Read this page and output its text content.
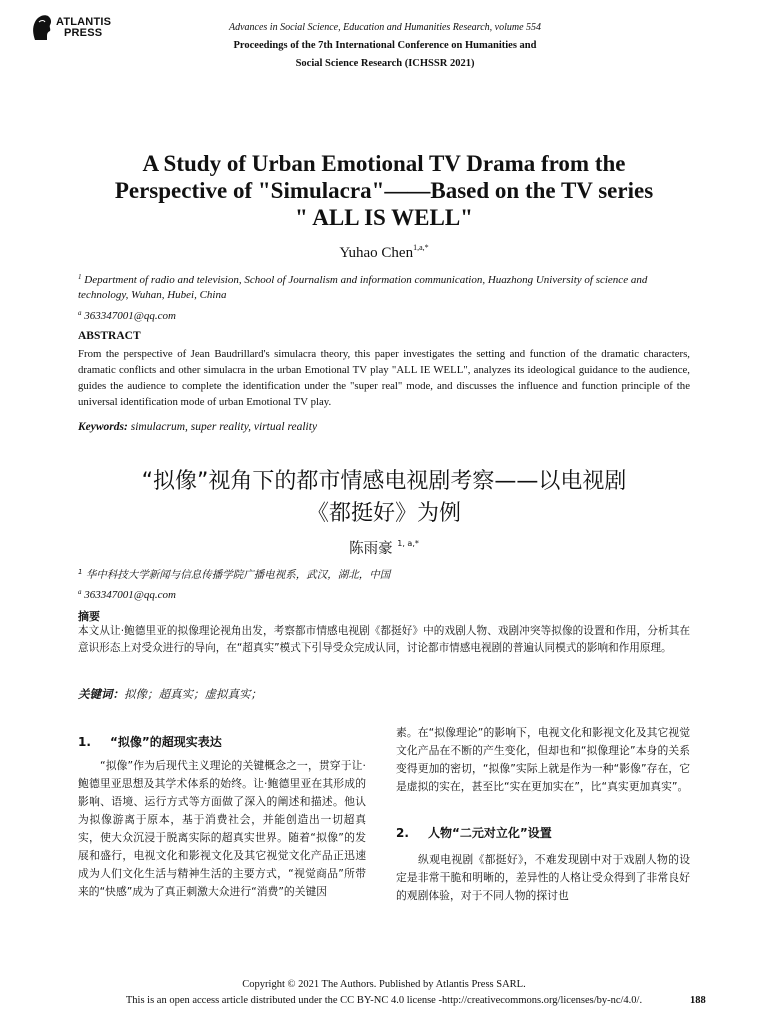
ATLANTIS
PRESS	Advances in Social Science, Education and Humanities Research, volume 554
Proceedings of the 7th International Conference on Humanities and
Social Science Research (ICHSSR 2021)
A Study of Urban Emotional TV Drama from the
Perspective of "Simulacra"——Based on the TV series
" ALL IS WELL"
Yuhao Chen$^{1,a,*}$
$^1$ Department of radio and television, School of Journalism and information communication, Huazhong University of science and technology, Wuhan, Hubei, China
$^a$ 363347001@qq.com
ABSTRACT
From the perspective of Jean Baudrillard's simulacra theory, this paper investigates the setting and function of the dramatic characters, dramatic conflicts and other simulacra in the urban Emotional TV play "ALL IE WELL", analyzes its ideological guidance to the audience, guides the audience to complete the identification under the "super real" mode, and discusses the influence and function principle of the universal identification mode of urban Emotional TV play.
Keywords: simulacrum, super reality, virtual reality
“拟像”视角下的都市情感电视剧考察——以电视剧
《都挺好》为例
陈雨豪 $^{1, a,*}$
$^1$ 华中科技大学新闻与信息传播学院广播电视系，武汉，湖北，中国
$^a$ 363347001@qq.com
摘要
本文从让·鲍德里亚的拟像理论视角出发，考察都市情感电视剧《都挺好》中的戏剧人物、戏剧冲突等拟像的设置和作用，分析其在意识形态上对受众进行的导向，在“超真实”模式下引导受众完成认同，讨论都市情感电视剧的普遍认同模式的影响和作用原理。
关键词：拟像；超真实；虚拟真实；
1. “拟像”的超现实表达
“拟像”作为后现代主义理论的关键概念之一，贯穿于让·鲍德里亚思想及其学术体系的始终。让·鲍德里亚在其形成的影响、语境、运行方式等方面做了深入的阐述和描述。他认为拟像游离于原本，基于消费社会，并能创造出一切超真实，使大众沉浸于脱离实际的超真实世界。随着“拟像”的发展和盛行，电视文化和影视文化及其它视觉文化产品正迅速成为人们文化生活与精神生活的主要方式，“视觉商品”所带来的“快感”成为了真正刺激大众进行“消费”的关键因
素。在“拟像理论”的影响下，电视文化和影视文化及其它视觉文化产品在不断的产生变化，但却也和“拟像理论”本身的关系变得更加的密切，“拟像”实际上就是作为一种“影像”存在，它是虚拟的实在，甚至比“实在更加实在”，比“真实更加真实”。
2. 人物“二元对立化”设置
纵观电视剧《都挺好》，不难发现剧中对于戏剧人物的设定是非常干脆和明晰的，差异性的人格让受众得到了非常良好的观剧体验，对于不同人物的探讨也
Copyright © 2021 The Authors. Published by Atlantis Press SARL.
This is an open access article distributed under the CC BY-NC 4.0 license -http://creativecommons.org/licenses/by-nc/4.0/.	188
